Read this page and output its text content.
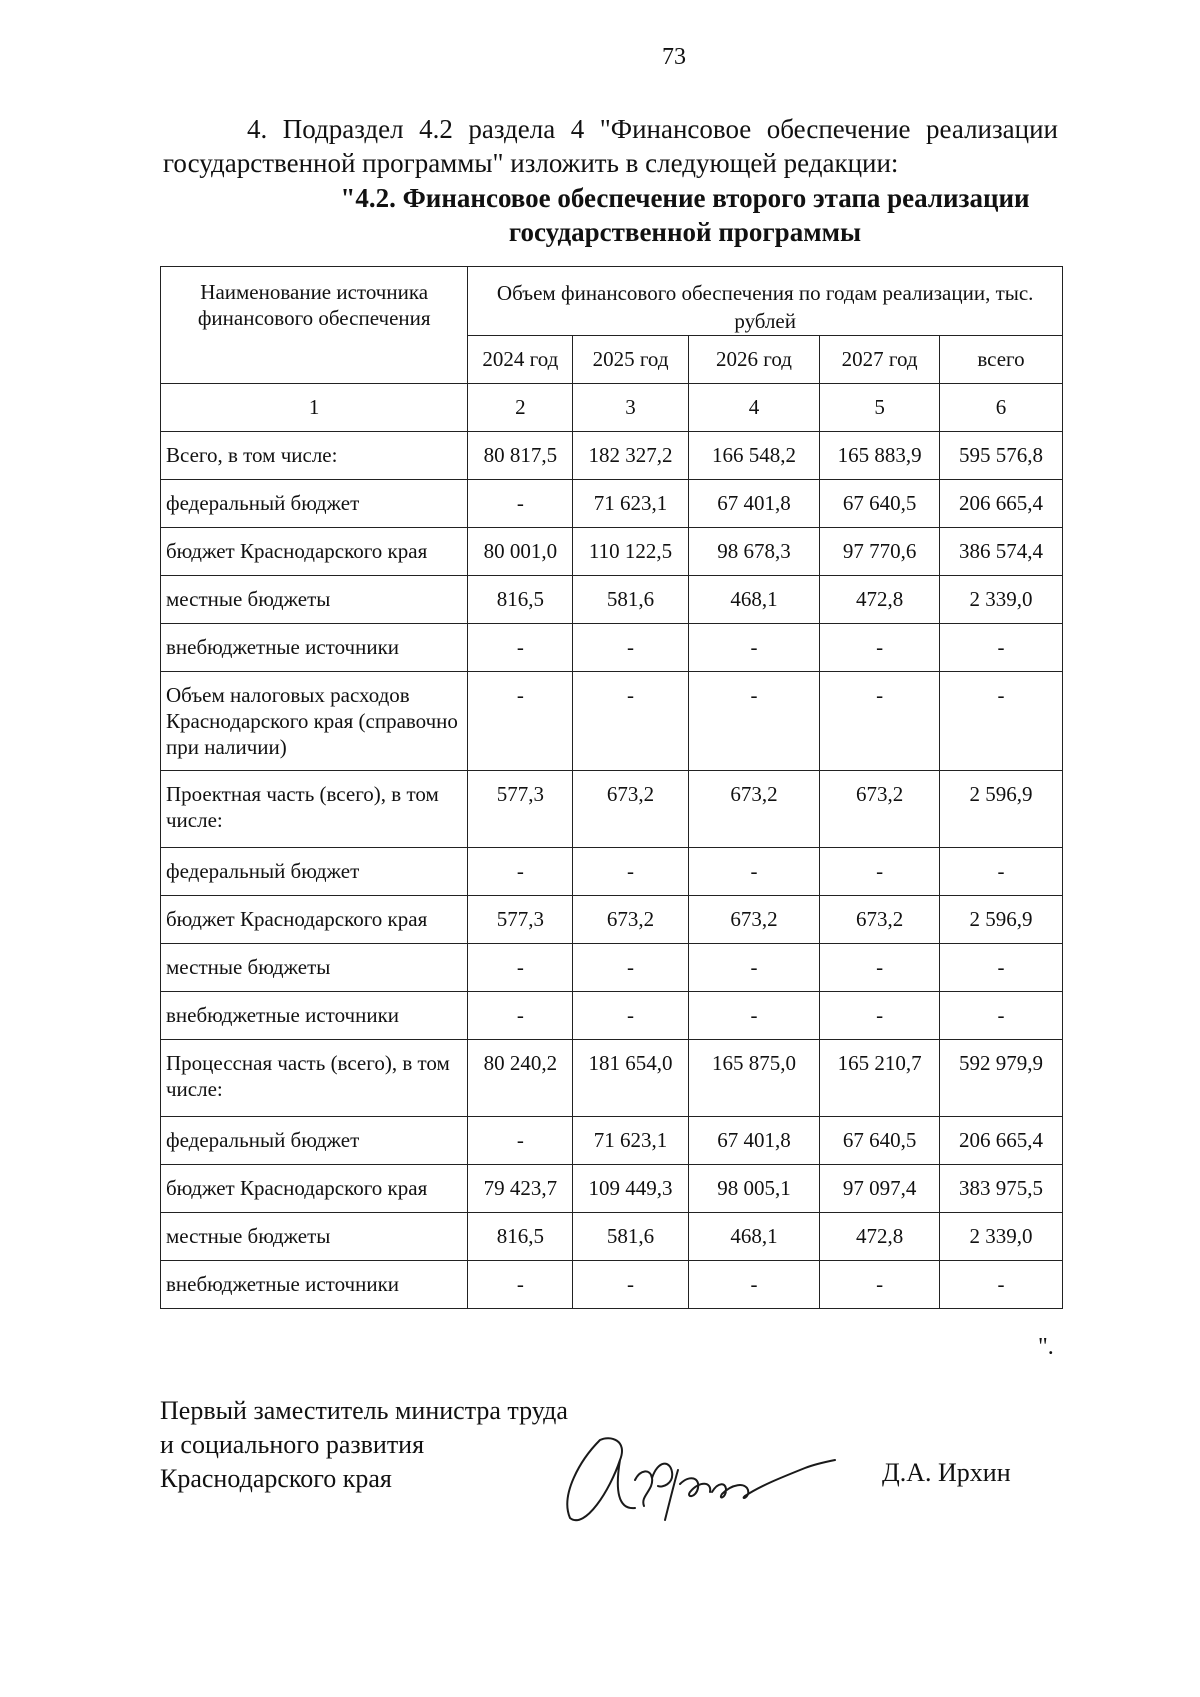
73
4. Подраздел 4.2 раздела 4 "Финансовое обеспечение реализации государственной программы" изложить в следующей редакции:
"4.2. Финансовое обеспечение второго этапа реализации государственной программы
Наименование источника финансового обеспечения	Объем финансового обеспечения по годам реализации, тыс. рублей				
	2024 год	2025 год	2026 год	2027 год	всего
1	2	3	4	5	6
Всего, в том числе:	80 817,5	182 327,2	166 548,2	165 883,9	595 576,8
федеральный бюджет	-	71 623,1	67 401,8	67 640,5	206 665,4
бюджет Краснодарского края	80 001,0	110 122,5	98 678,3	97 770,6	386 574,4
местные бюджеты	816,5	581,6	468,1	472,8	2 339,0
внебюджетные источники	-	-	-	-	-
Объем налоговых расходов Краснодарского края (справочно при наличии)	-	-	-	-	-
Проектная часть (всего), в том числе:	577,3	673,2	673,2	673,2	2 596,9
федеральный бюджет	-	-	-	-	-
бюджет Краснодарского края	577,3	673,2	673,2	673,2	2 596,9
местные бюджеты	-	-	-	-	-
внебюджетные источники	-	-	-	-	-
Процессная часть (всего), в том числе:	80 240,2	181 654,0	165 875,0	165 210,7	592 979,9
федеральный бюджет	-	71 623,1	67 401,8	67 640,5	206 665,4
бюджет Краснодарского края	79 423,7	109 449,3	98 005,1	97 097,4	383 975,5
местные бюджеты	816,5	581,6	468,1	472,8	2 339,0
внебюджетные источники	-	-	-	-	-
".
Первый заместитель министра труда
и социального развития
Краснодарского края	Д.А. Ирхин
